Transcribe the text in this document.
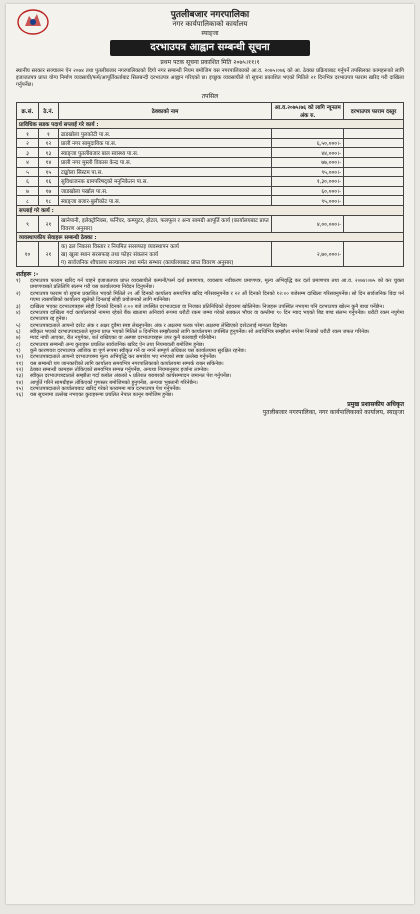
पुतलीबजार नगरपालिका
नगर कार्यपालिकाको कार्यालय
स्याङ्जा
दरभाउपत्र आह्वान सम्बन्धी सूचना
प्रथम पटक सूचना प्रकाशित मिति २०७५।११।१
स्थानीय सरकार सञ्चालन ऐन २०७४ तथा पुतलीबजार नगरपालिकाको दिगो नगर सम्बन्धी नियम बमोजिम यस नगरपालिकाको आ.व. २०७५।०७६ को आ. ठेक्का प्रक्रियाबाट गर्नुपर्ने तपसिलका कामहरूको लागि इजाजतपत्र प्राप्त योग्य निर्माण व्यवसायी/फर्म/आपूर्तिकर्ताबाट सिलबन्दी दरभाउपत्र आह्वान गरिएको छ। इच्छुक व्यवसायीले यो सूचना प्रकाशित भएको मितिले २१ दिनभित्र दरभाउपत्र फाराम खरिद गरी दाखिला गर्नुपर्नेछ।
तपसिल
क्र.सं.	ठे.नं.	ठेक्काको नाम	आ.व.२०७५।७६ को लागि न्यूनतम अंक रु.	दरभाउपत्र फाराम दस्तुर
प्राविधिक सडक पदार्थ सप्लाई गरे कार्य :				
१	१	ढाडखोला पुलकोटी पा.स.		
२	१२	प्राली नगर सामुदायिक पा.स.	६,५०,०००।-	
३	१३	स्याङ्जा पुतलीबजार बाल स्वास्थ्य पा.स.	४४,०००।-	
४	१४	प्राली नगर मुस्ली विकास केन्द्र पा.स.	७७,०००।-	
५	१५	टाङ्खोला सिस्टम पा.स.	९५,०००।-	
६	१६	सुविधाजनक ग्रामपरिषद्को मनुनिकेतन पा.स.	१,३०,०००।-	
७	१७	जाडखोला पर्खाल पा.स.	६०,०००।-	
८	१८	स्याङ्जा बजार-बुलीकोट पा.स.	९५,०००।-	
सप्लाई गरे कार्य :				
९	२१	खानेपानी, इलेक्ट्रोनिक्स, फर्निचर, कम्प्युटर, होटल, फलफूल र अन्य सामग्री आपूर्ति कार्य (कार्यालयबाट प्राप्त विवरण अनुसार)	४,००,०००।-	
व्यवस्थापकीय सेवाहरू सम्बन्धी ठेक्का :				
१०	२१	क) ढल निकास विस्तार र नियमित सरसफाइ व्यवस्थापन कार्य
ख) खुला स्थान सरसफाइ तथा फोहर संकलन कार्य
ग) सार्वजनिक शौचालय सञ्चालन तथा मर्मत सम्भार (कार्यालयबाट प्राप्त विवरण अनुसार)	२,७०,०००।-	
शर्तहरू :-
१)	दरभाउपत्र फाराम खरिद गर्न चाहने इजाजतपत्र प्राप्त व्यवसायीले कम्पनी/फर्म दर्ता प्रमाणपत्र, व्यवसाय नवीकरण प्रमाणपत्र, मूल्य अभिवृद्धि कर दर्ता प्रमाणपत्र तथा आ.व. २०७४।०७५ को कर चुक्ता प्रमाणपत्रको प्रतिलिपि संलग्न गरी यस कार्यालयमा निवेदन दिनुपर्नेछ।
२)	दरभाउपत्र फाराम यो सूचना प्रकाशित भएको मितिले २१ औं दिनको कार्यालय समयभित्र खरिद गरिसक्नुपर्नेछ र २२ औं दिनको दिनको १२:०० बजेसम्म दाखिला गरिसक्नुपर्नेछ। सो दिन सार्वजनिक विदा पर्न गएमा त्यसपछिको कार्यालय खुलेको दिनलाई सोही प्रयोजनको लागि मानिनेछ।
३)	दाखिला भएका दरभाउपत्रहरू सोही दिनको दिनको २:०० बजे उपस्थित दरभाउदाता वा निजका प्रतिनिधिको रोहवरमा खोलिनेछ। निजहरू उपस्थित नभएमा पनि दरभाउपत्र खोल्न कुनै बाधा पर्नेछैन।
४)	दरभाउपत्र दाखिला गर्दा कार्यालयको नाममा रहेको बैंक खातामा अनिवार्य रूपमा धरौटी रकम जम्मा गरेको सक्कल भौचर वा कम्तीमा ९० दिन म्याद भएको बिड बण्ड संलग्न गर्नुपर्नेछ। धरौटी रकम नपुगेमा दरभाउपत्र रद्द हुनेछ।
५)	दरभाउपत्रदाताले आफ्नो दररेट अंक र अक्षर दुवैमा स्पष्ट लेख्नुपर्नेछ। अंक र अक्षरमा फरक परेमा अक्षरमा लेखिएको दररेटलाई मान्यता दिइनेछ।
६)	स्वीकृत भएको दरभाउपत्रदाताले सूचना प्राप्त भएको मितिले ७ दिनभित्र सम्झौताको लागि कार्यालयमा उपस्थित हुनुपर्नेछ। सो अवधिभित्र सम्झौता नगरेमा निजको धरौटी रकम जफत गरिनेछ।
७)	म्याद नाघी आएका, रीत नपुगेका, शर्त राखिएका वा अस्पष्ट दरभाउपत्रहरू उपर कुनै कारबाही गरिनेछैन।
८)	दरभाउपत्र सम्बन्धी अन्य कुराहरू प्रचलित सार्वजनिक खरिद ऐन तथा नियमावली बमोजिम हुनेछ।
९)	कुनै कारणवश दरभाउपत्र आंशिक वा पूर्ण रूपमा स्वीकृत गर्ने वा नगर्ने सम्पूर्ण अधिकार यस कार्यालयमा सुरक्षित रहनेछ।
१०)	दरभाउपत्रदाताले आफ्नो दरभाउपत्रमा मूल्य अभिवृद्धि कर समावेश भए नभएको स्पष्ट उल्लेख गर्नुपर्नेछ।
११)	यस सम्बन्धी थप जानकारीको लागि कार्यालय समयभित्र नगरपालिकाको कार्यालयमा सम्पर्क राख्न सकिनेछ।
१२)	ठेक्का सम्बन्धी कामहरू तोकिएको समयभित्र सम्पन्न गर्नुपर्नेछ, अन्यथा नियमानुसार हर्जाना लाग्नेछ।
१३)	स्वीकृत दरभाउपत्रदाताले सम्झौता गर्दा कबोल अंकको ५ प्रतिशत बराबरको कार्यसम्पादन जमानत पेश गर्नुपर्नेछ।
१४)	आपूर्ति गरिने सामग्रीहरू तोकिएको गुणस्तर बमोजिमको हुनुपर्नेछ, अन्यथा भुक्तानी गरिनेछैन।
१५)	दरभाउपत्रदाताले कार्यालयबाट खरिद गरेको फाराममा मात्र दरभाउपत्र पेश गर्नुपर्नेछ।
१६)	यस सूचनामा उल्लेख नभएका कुराहरूमा प्रचलित नेपाल कानून बमोजिम हुनेछ।
प्रमुख प्रशासकीय अधिकृत
पुतलीबजार नगरपालिका, नगर कार्यपालिकाको कार्यालय, स्याङ्जा
